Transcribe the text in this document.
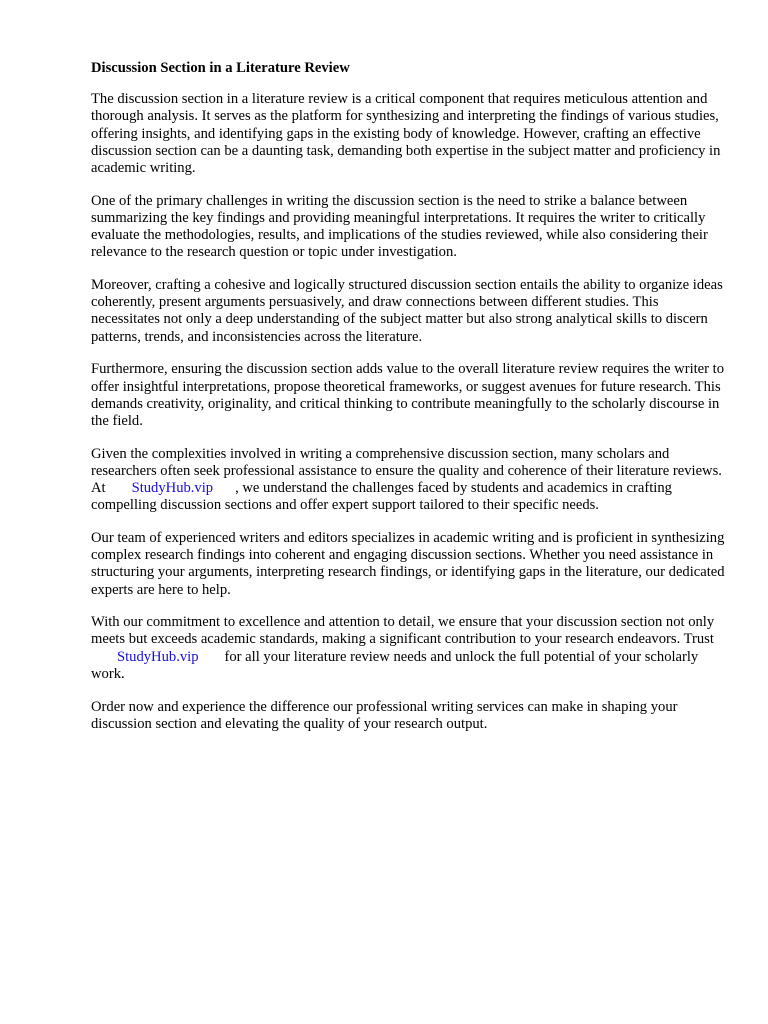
Discussion Section in a Literature Review

The discussion section in a literature review is a critical component that requires meticulous attention and thorough analysis. It serves as the platform for synthesizing and interpreting the findings of various studies, offering insights, and identifying gaps in the existing body of knowledge. However, crafting an effective discussion section can be a daunting task, demanding both expertise in the subject matter and proficiency in academic writing.

One of the primary challenges in writing the discussion section is the need to strike a balance between summarizing the key findings and providing meaningful interpretations. It requires the writer to critically evaluate the methodologies, results, and implications of the studies reviewed, while also considering their relevance to the research question or topic under investigation.

Moreover, crafting a cohesive and logically structured discussion section entails the ability to organize ideas coherently, present arguments persuasively, and draw connections between different studies. This necessitates not only a deep understanding of the subject matter but also strong analytical skills to discern patterns, trends, and inconsistencies across the literature.

Furthermore, ensuring the discussion section adds value to the overall literature review requires the writer to offer insightful interpretations, propose theoretical frameworks, or suggest avenues for future research. This demands creativity, originality, and critical thinking to contribute meaningfully to the scholarly discourse in the field.

Given the complexities involved in writing a comprehensive discussion section, many scholars and researchers often seek professional assistance to ensure the quality and coherence of their literature reviews. At StudyHub.vip , we understand the challenges faced by students and academics in crafting compelling discussion sections and offer expert support tailored to their specific needs.

Our team of experienced writers and editors specializes in academic writing and is proficient in synthesizing complex research findings into coherent and engaging discussion sections. Whether you need assistance in structuring your arguments, interpreting research findings, or identifying gaps in the literature, our dedicated experts are here to help.

With our commitment to excellence and attention to detail, we ensure that your discussion section not only meets but exceeds academic standards, making a significant contribution to your research endeavors. TrustStudyHub.vip for all your literature review needs and unlock the full potential of your scholarly work.

Order now and experience the difference our professional writing services can make in shaping your discussion section and elevating the quality of your research output.
